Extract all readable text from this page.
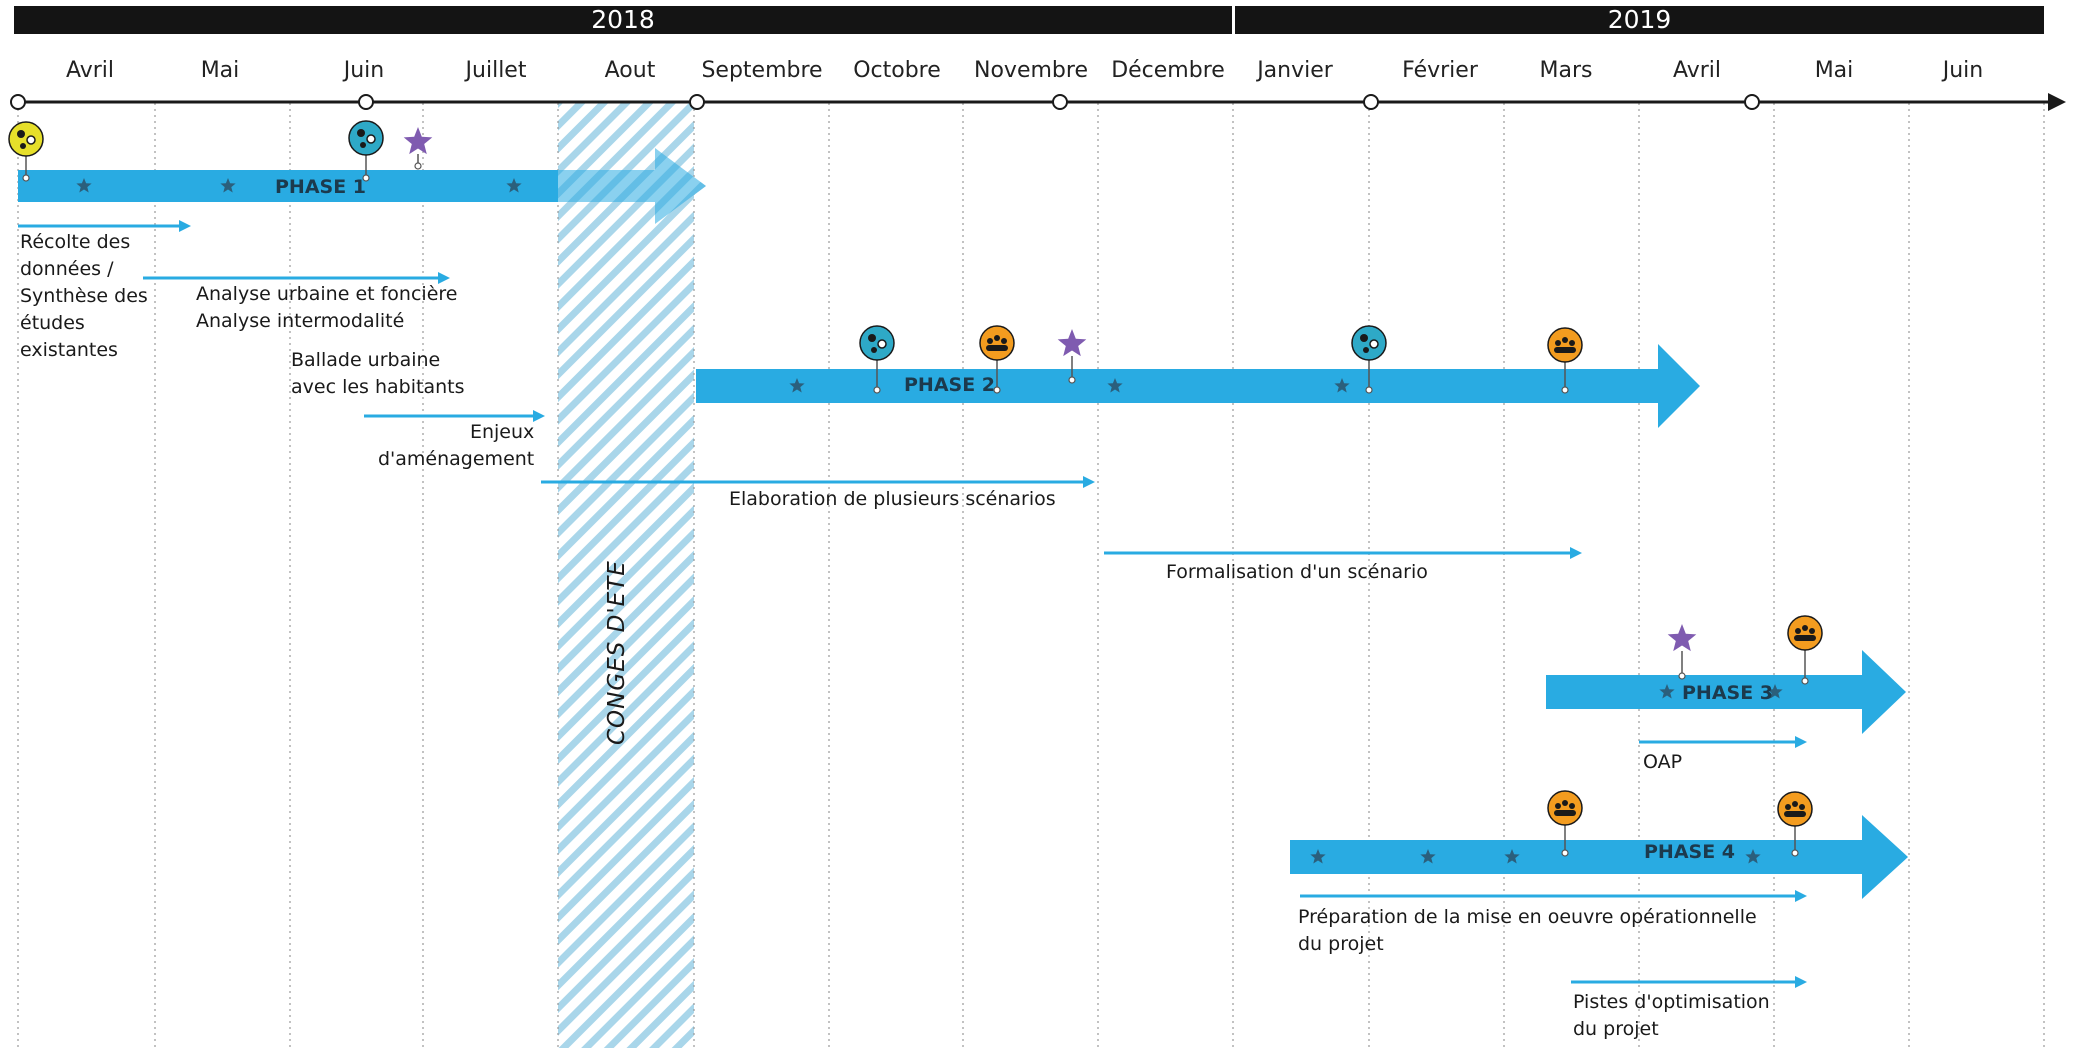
2018	2019
Avril	Mai	Juin	Juillet	Aout	Septembre	Octobre	Novembre	Décembre	Janvier	Février	Mars	Avril	Mai	Juin
CONGES D'ETE
PHASE 1
PHASE 2
PHASE 3
PHASE 4
Récolte des
données /
Synthèse des
études
existantes
Analyse urbaine et foncière
Analyse intermodalité
Ballade urbaine
avec les habitants
Enjeux
d'aménagement
Elaboration de plusieurs scénarios
Formalisation d'un scénario
OAP
Préparation de la mise en oeuvre opérationnelle
du projet
Pistes d'optimisation
du projet
